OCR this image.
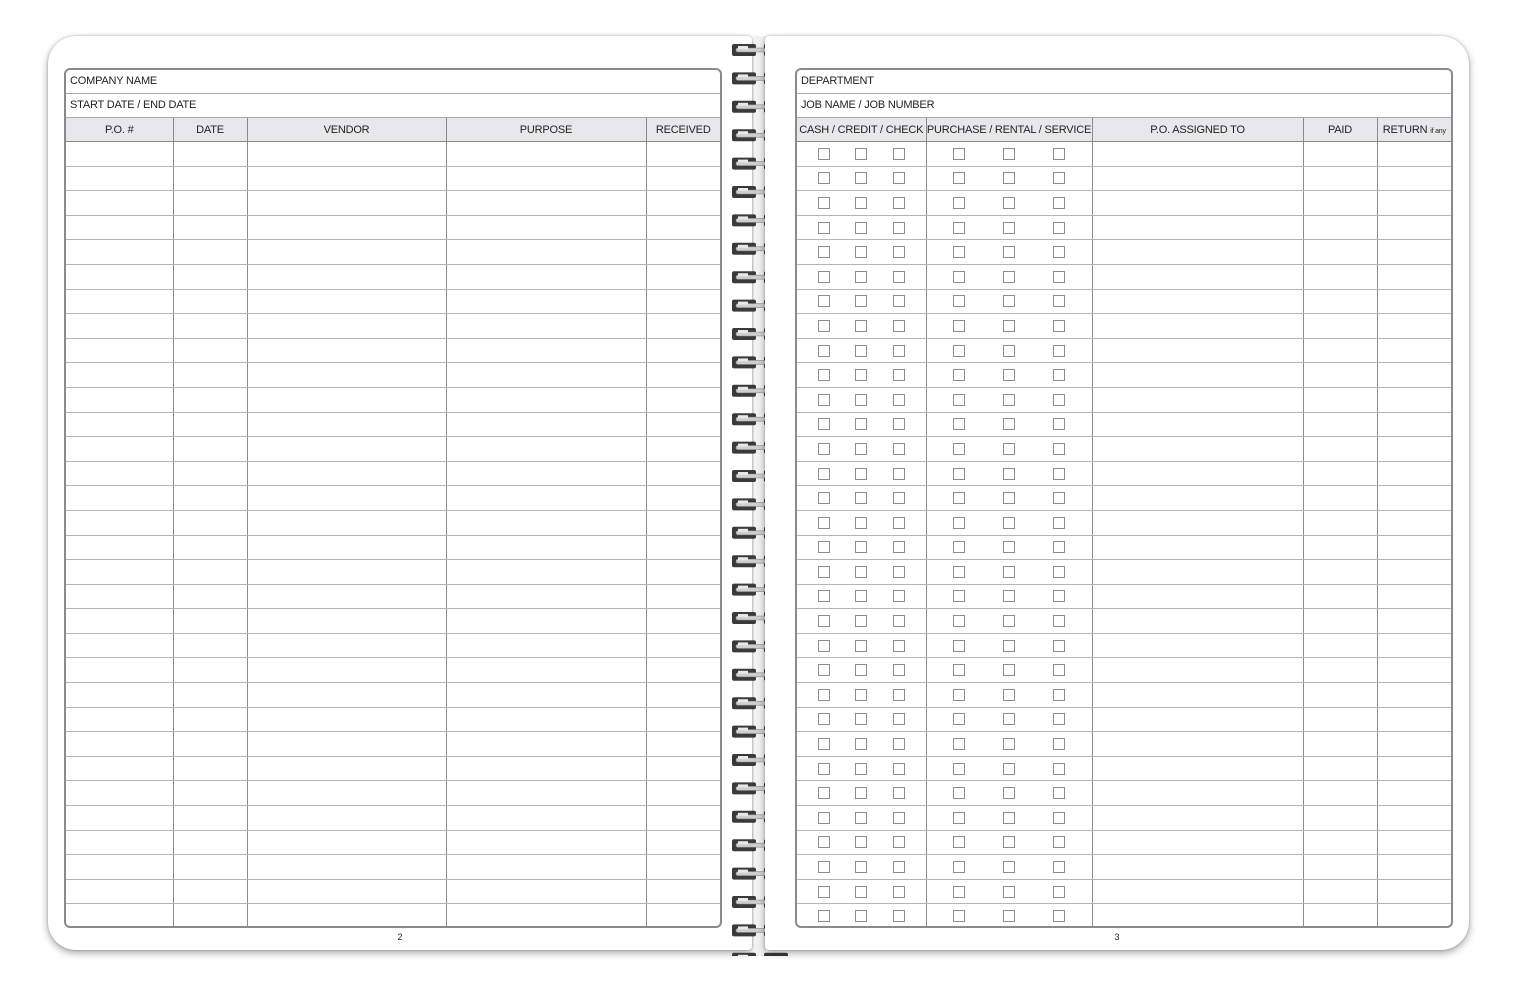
COMPANY NAME
START DATE / END DATE
P.O. #	DATE	VENDOR	PURPOSE	RECEIVED

2
DEPARTMENT
JOB NAME / JOB NUMBER
CASH / CREDIT / CHECK	PURCHASE / RENTAL / SERVICE	P.O. ASSIGNED TO	PAID	RETURN if any

3
